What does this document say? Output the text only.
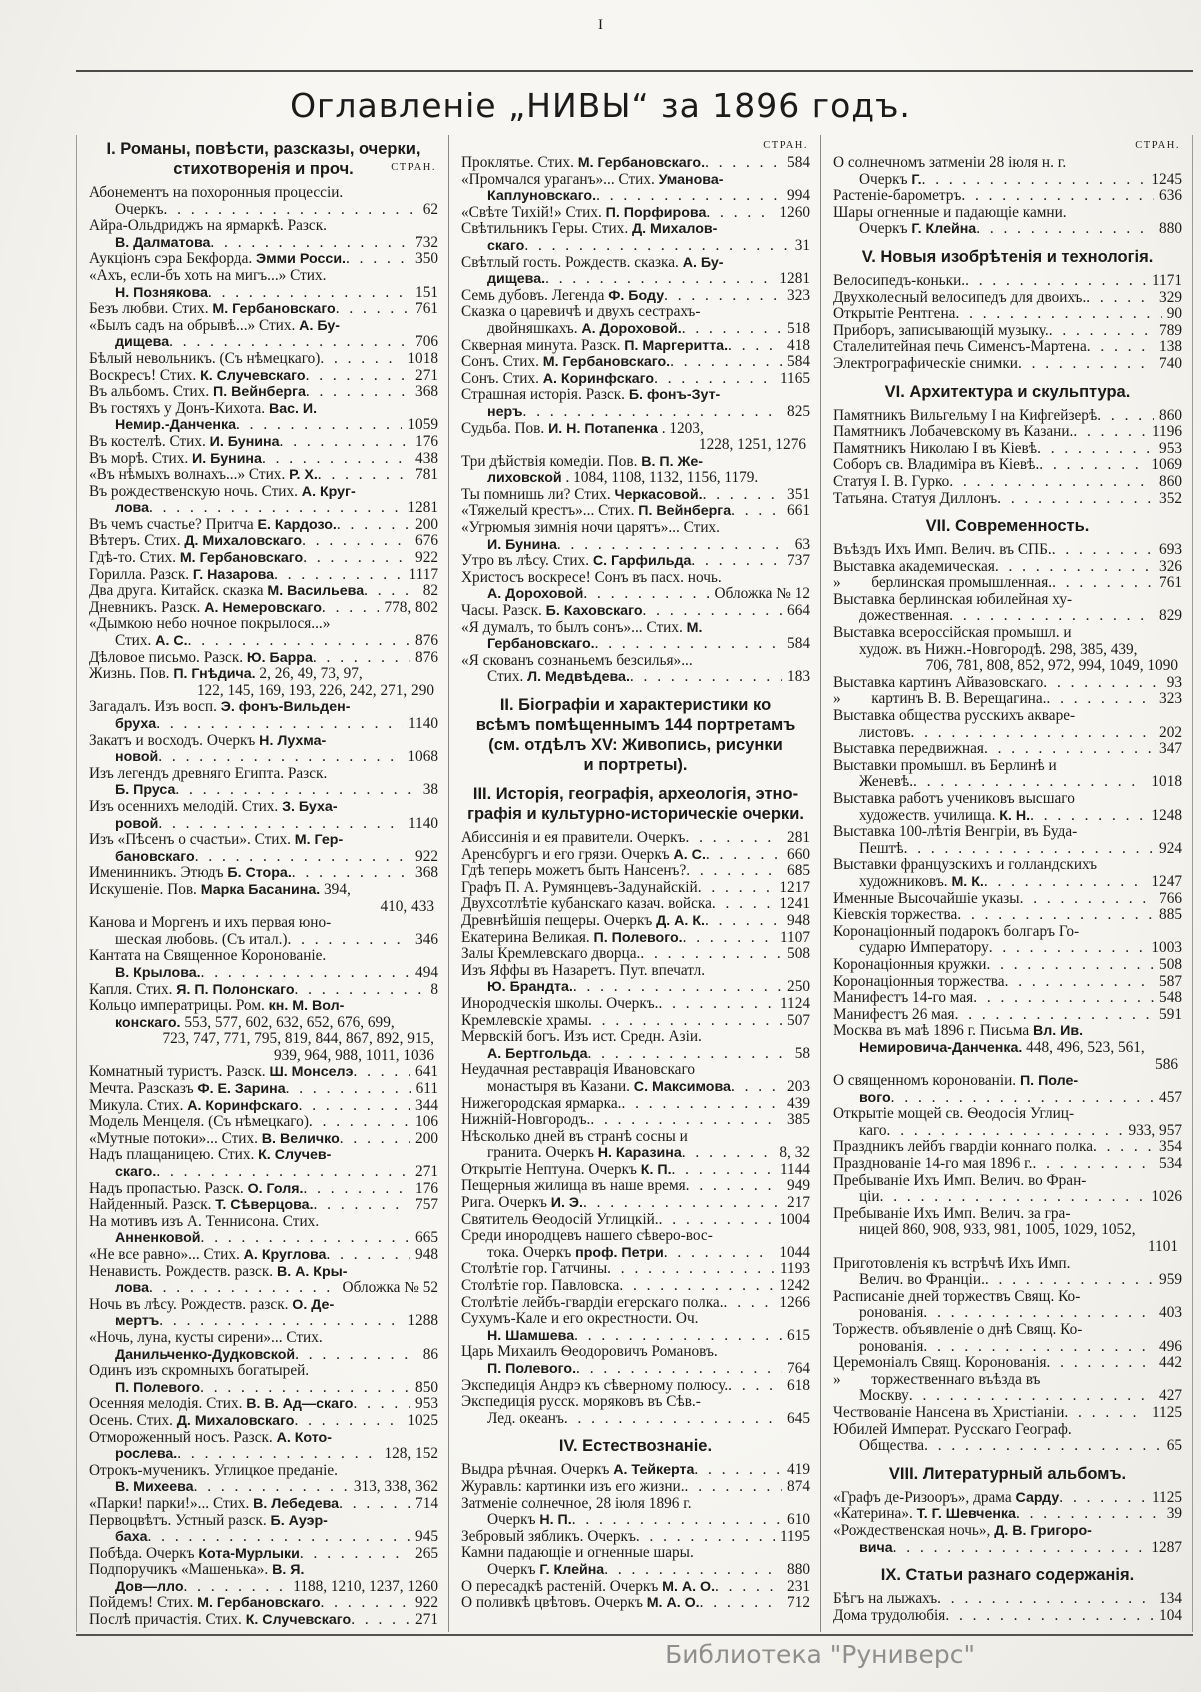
I
Оглавленіе „НИВЫ“ за 1896 годъ.
I. Романы, повѣсти, разсказы, очерки,
стихотворенія и проч.	СТРАН.
Абонементъ на похоронныя процессіи.
Очеркъ . .	62
Айра-Ольдриджъ на ярмаркѣ. Разск.
В. Далматова . .	732
Аукціонъ сэра Бекфорда. Эмми Росси. . .	350
«Ахъ, если-бъ хоть на мигъ...» Стих.
Н. Познякова . .	151
Безъ любви. Стих. М. Гербановскаго . .	761
«Былъ садъ на обрывѣ...» Стих. А. Бу-
дищева . .	706
Бѣлый невольникъ. (Съ нѣмецкаго) . .	1018
Воскресъ! Стих. К. Случевскаго . .	271
Въ альбомъ. Стих. П. Вейнберга . .	368
Въ гостяхъ у Донъ-Кихота. Вас. И.
Немир.-Данченка . .	1059
Въ костелѣ. Стих. И. Бунина . .	176
Въ морѣ. Стих. И. Бунина . .	438
«Въ нѣмыхъ волнахъ...» Стих. Р. Х. . .	781
Въ рождественскую ночь. Стих. А. Круг-
лова . .	1281
Въ чемъ счастье? Притча Е. Кардозо. . .	200
Вѣтеръ. Стих. Д. Михаловскаго . .	676
Гдѣ-то. Стих. М. Гербановскаго . .	922
Горилла. Разск. Г. Назарова . .	1117
Два друга. Китайск. сказка М. Васильева . .	82
Дневникъ. Разск. А. Немеровскаго . .	778, 802
«Дымкою небо ночное покрылося...»
Стих. А. С. . .	876
Дѣловое письмо. Разск. Ю. Барра . .	876
Жизнь. Пов. П. Гнѣдича. 2, 26, 49, 73, 97,
122, 145, 169, 193, 226, 242, 271, 290
Загадалъ. Изъ восп. Э. фонъ-Вильден-
бруха . .	1140
Закатъ и восходъ. Очеркъ Н. Лухма-
новой . .	1068
Изъ легендъ древняго Египта. Разск.
Б. Пруса . .	38
Изъ осеннихъ мелодій. Стих. З. Буха-
ровой . .	1140
Изъ «Пѣсенъ о счастьи». Стих. М. Гер-
бановскаго . .	922
Именинникъ. Этюдъ Б. Стора. . .	368
Искушеніе. Пов. Марка Басанина. 394,
410, 433
Канова и Моргенъ и ихъ первая юно-
шеская любовь. (Съ итал.) . .	346
Кантата на Священное Коронованіе.
В. Крылова. . .	494
Капля. Стих. Я. П. Полонскаго . .	8
Кольцо императрицы. Ром. кн. М. Вол-
конскаго. 553, 577, 602, 632, 652, 676, 699,
723, 747, 771, 795, 819, 844, 867, 892, 915,
939, 964, 988, 1011, 1036
Комнатный туристъ. Разск. Ш. Монселэ . .	641
Мечта. Разсказъ Ф. Е. Зарина . .	611
Микула. Стих. А. Коринфскаго . .	344
Модель Менцеля. (Съ нѣмецкаго) . .	106
«Мутные потоки»... Стих. В. Величко . .	200
Надъ плащаницею. Стих. К. Случев-
скаго. . .	271
Надъ пропастью. Разск. О. Голя. . .	176
Найденный. Разск. Т. Сѣверцова. . .	757
На мотивъ изъ А. Теннисона. Стих.
Анненковой . .	665
«Не все равно»... Стих. А. Круглова . .	948
Ненависть. Рождеств. разск. В. А. Кры-
лова . .	Обложка № 52
Ночь въ лѣсу. Рождеств. разск. О. Де-
мертъ . .	1288
«Ночь, луна, кусты сирени»... Стих.
Данильченко-Дудковской . .	86
Одинъ изъ скромныхъ богатырей.
П. Полевого . .	850
Осенняя мелодія. Стих. В. В. Ад—скаго . .	953
Осень. Стих. Д. Михаловскаго . .	1025
Отмороженный носъ. Разск. А. Кото-
рослева. . .	128, 152
Отрокъ-мученикъ. Углицкое преданіе.
В. Михеева . .	313, 338, 362
«Парки! парки!»... Стих. В. Лебедева . .	714
Первоцвѣтъ. Устный разск. Б. Ауэр-
баха . .	945
Побѣда. Очеркъ Кота-Мурлыки . .	265
Подпоручикъ «Машенька». В. Я.
Дов—лло . .	1188, 1210, 1237, 1260
Пойдемъ! Стих. М. Гербановскаго . .	922
Послѣ причастія. Стих. К. Случевскаго . .	271
СТРАН.
Проклятье. Стих. М. Гербановскаго. . .	584
«Промчался ураганъ»... Стих. Уманова-
Каплуновскаго. . .	994
«Свѣте Тихій!» Стих. П. Порфирова . .	1260
Свѣтильникъ Геры. Стих. Д. Михалов-
скаго . .	31
Свѣтлый гость. Рождеств. сказка. А. Бу-
дищева. . .	1281
Семь дубовъ. Легенда Ф. Боду . .	323
Сказка о царевичѣ и двухъ сестрахъ-
двойняшкахъ. А. Дороховой. . .	518
Скверная минута. Разск. П. Маргеритта. . .	418
Сонъ. Стих. М. Гербановскаго. . .	584
Сонъ. Стих. А. Коринфскаго . .	1165
Страшная исторія. Разск. Б. фонъ-Зут-
неръ . .	825
Судьба. Пов. И. Н. Потапенка . 1203,
1228, 1251, 1276
Три дѣйствія комедіи. Пов. В. П. Же-
лиховской . 1084, 1108, 1132, 1156, 1179.
Ты помнишь ли? Стих. Черкасовой. . .	351
«Тяжелый крестъ»... Стих. П. Вейнберга . .	661
«Угрюмыя зимнія ночи царятъ»... Стих.
И. Бунина . .	63
Утро въ лѣсу. Стих. С. Гарфильда . .	737
Христосъ воскресе! Сонъ въ пасх. ночь.
А. Дороховой . .	Обложка № 12
Часы. Разск. Б. Каховскаго . .	664
«Я думалъ, то былъ сонъ»... Стих. М.
Гербановскаго. . .	584
«Я скованъ сознаньемъ безсилья»...
Стих. Л. Медвѣдева. . .	183
II. Біографіи и характеристики ко
всѣмъ помѣщеннымъ 144 портретамъ
(см. отдѣлъ XV: Живопись, рисунки
и портреты).
III. Исторія, географія, археологія, этно-
графія и культурно-историческіе очерки.
Абиссинія и ея правители. Очеркъ . .	281
Аренсбургъ и его грязи. Очеркъ А. С. . .	660
Гдѣ теперь можетъ быть Нансенъ? . .	685
Графъ П. А. Румянцевъ-Задунайскій . .	1217
Двухсотлѣтіе кубанскаго казач. войска . .	1241
Древнѣйшія пещеры. Очеркъ Д. А. К. . .	948
Екатерина Великая. П. Полевого. . .	1107
Залы Кремлевскаго дворца. . .	508
Изъ Яффы въ Назаретъ. Пут. впечатл.
Ю. Брандта. . .	250
Инородческія школы. Очеркъ. . .	1124
Кремлевскіе храмы . .	507
Мервскій богъ. Изъ ист. Средн. Азіи.
А. Бертгольда . .	58
Неудачная реставрація Ивановскаго
монастыря въ Казани. С. Максимова . .	203
Нижегородская ярмарка. . .	439
Нижній-Новгородъ. . .	385
Нѣсколько дней въ странѣ сосны и
гранита. Очеркъ Н. Каразина . .	8, 32
Открытіе Нептуна. Очеркъ К. П. . .	1144
Пещерныя жилища въ наше время . .	949
Рига. Очеркъ И. Э. . .	217
Святитель Ѳеодосій Углицкій. . .	1004
Среди инородцевъ нашего сѣверо-вос-
тока. Очеркъ проф. Петри . .	1044
Столѣтіе гор. Гатчины . .	1193
Столѣтіе гор. Павловска . .	1242
Столѣтіе лейбъ-гвардіи егерскаго полка. . .	1266
Сухумъ-Кале и его окрестности. Оч.
Н. Шамшева . .	615
Царь Михаилъ Ѳеодоровичъ Романовъ.
П. Полевого. . .	764
Экспедиція Андрэ къ сѣверному полюсу. . .	618
Экспедиція русск. моряковъ въ Сѣв.-
Лед. океанъ . .	645
IV. Естествознаніе.
Выдра рѣчная. Очеркъ А. Тейкерта . .	419
Журавль: картинки изъ его жизни. . .	874
Затменіе солнечное, 28 іюля 1896 г.
Очеркъ Н. П. . .	610
Зебровый зябликъ. Очеркъ . .	1195
Камни падающіе и огненные шары.
Очеркъ Г. Клейна . .	880
О пересадкѣ растеній. Очеркъ М. А. О. . .	231
О поливкѣ цвѣтовъ. Очеркъ М. А. О. . .	712
СТРАН.
О солнечномъ затменіи 28 іюля н. г.
Очеркъ Г. . .	1245
Растеніе-барометръ . .	636
Шары огненные и падающіе камни.
Очеркъ Г. Клейна . .	880
V. Новыя изобрѣтенія и технологія.
Велосипедъ-коньки. . .	1171
Двухколесный велосипедъ для двоихъ. . .	329
Открытіе Рентгена . .	90
Приборъ, записывающій музыку. . .	789
Сталелитейная печь Сименсъ-Мартена . .	138
Электрографическіе снимки . .	740
VI. Архитектура и скульптура.
Памятникъ Вильгельму I на Кифгейзерѣ . .	860
Памятникъ Лобачевскому въ Казани. . .	1196
Памятникъ Николаю I въ Кіевѣ . .	953
Соборъ св. Владиміра въ Кіевѣ. . .	1069
Статуя І. В. Гурко . .	860
Татьяна. Статуя Диллонъ . .	352
VII. Современность.
Въѣздъ Ихъ Имп. Велич. въ СПБ. . .	693
Выставка академическая . .	326
»  берлинская промышленная. . .	761
Выставка берлинская юбилейная ху-
дожественная . .	829
Выставка всероссійская промышл. и
худож. въ Нижн.-Новгородѣ. 298, 385, 439,
706, 781, 808, 852, 972, 994, 1049, 1090
Выставка картинъ Айвазовскаго . .	93
»  картинъ В. В. Верещагина. . .	323
Выставка общества русскихъ акваре-
листовъ . .	202
Выставка передвижная . .	347
Выставки промышл. въ Берлинѣ и
Женевѣ. . .	1018
Выставка работъ учениковъ высшаго
художеств. училища. К. Н. . .	1248
Выставка 100-лѣтія Венгріи, въ Буда-
Пештѣ . .	924
Выставки французскихъ и голландскихъ
художниковъ. М. К. . .	1247
Именные Высочайшіе указы . .	766
Кіевскія торжества . .	885
Коронаціонный подарокъ болгаръ Го-
сударю Императору . .	1003
Коронаціонныя кружки . .	508
Коронаціонныя торжества . .	587
Манифестъ 14-го мая . .	548
Манифестъ 26 мая . .	591
Москва въ маѣ 1896 г. Письма Вл. Ив.
Немировича-Данченка. 448, 496, 523, 561,
586
О священномъ коронованіи. П. Поле-
вого . .	457
Открытіе мощей св. Ѳеодосія Углиц-
каго . .	933, 957
Праздникъ лейбъ гвардіи коннаго полка . .	354
Празднованіе 14-го мая 1896 г. . .	534
Пребываніе Ихъ Имп. Велич. во Фран-
ціи . .	1026
Пребываніе Ихъ Имп. Велич. за гра-
ницей 860, 908, 933, 981, 1005, 1029, 1052,
1101
Приготовленія къ встрѣчѣ Ихъ Имп.
Велич. во Франціи. . .	959
Расписаніе дней торжествъ Свящ. Ко-
ронованія . .	403
Торжеств. объявленіе о днѣ Свящ. Ко-
ронованія . .	496
Церемоніалъ Свящ. Коронованія . .	442
»  торжественнаго въѣзда въ
Москву . .	427
Чествованіе Нансена въ Христіаніи . .	1125
Юбилей Императ. Русскаго Географ.
Общества . .	65
VIII. Литературный альбомъ.
«Графъ де-Ризооръ», драма Сарду . .	1125
«Катерина». Т. Г. Шевченка . .	39
«Рождественская ночь», Д. В. Григоро-
вича . .	1287
IX. Статьи разнаго содержанія.
Бѣгъ на лыжахъ . .	134
Дома трудолюбія . .	104
Библиотека "Руниверс"
